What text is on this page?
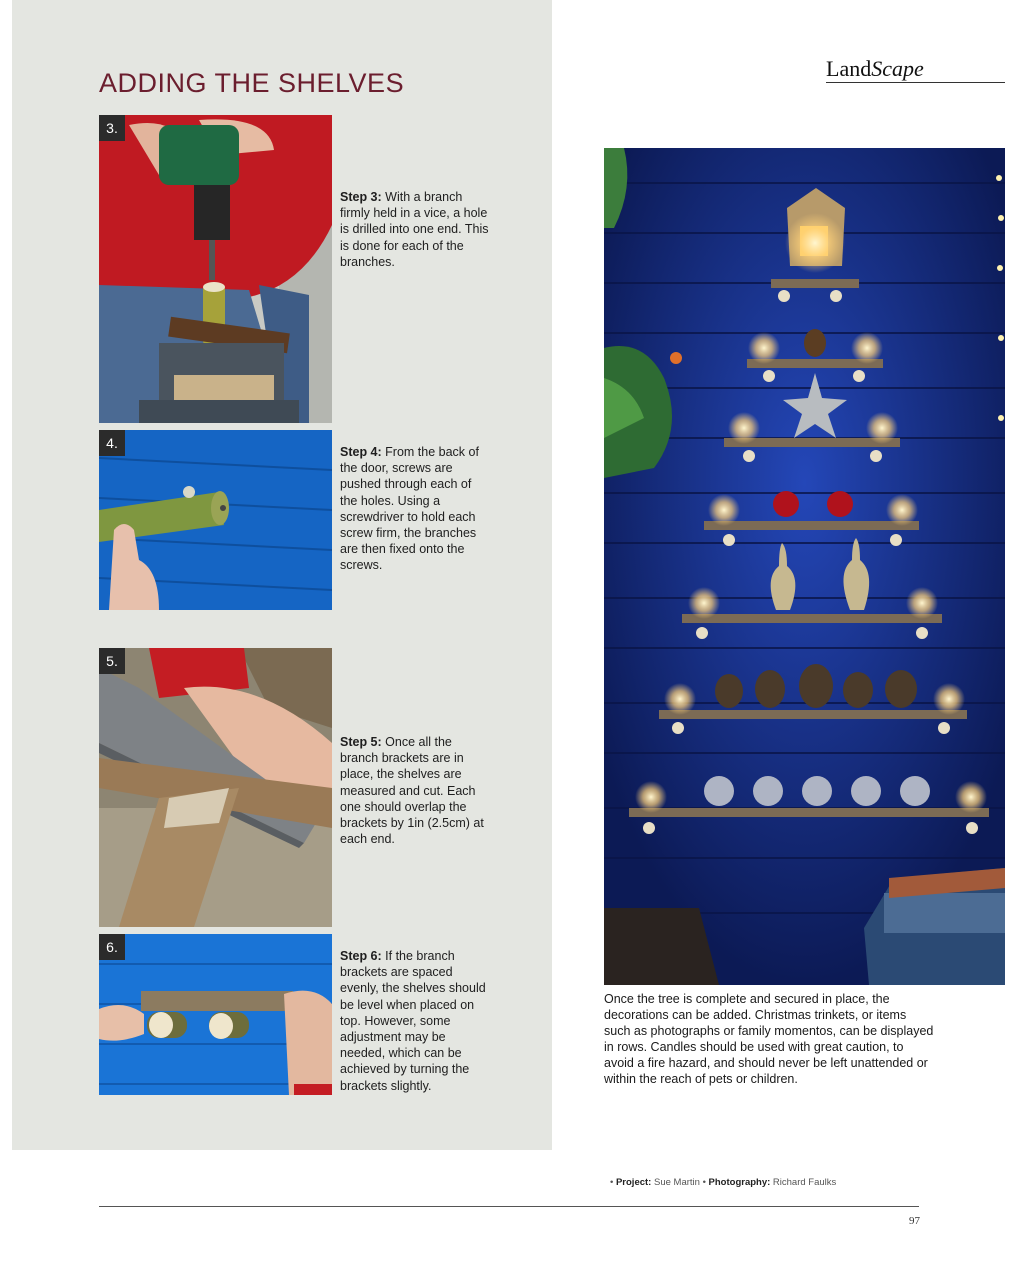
ADDING THE SHELVES
3.
Step 3: With a branch firmly held in a vice, a hole is drilled into one end. This is done for each of the branches.
4.
Step 4: From the back of the door, screws are pushed through each of the holes. Using a screwdriver to hold each screw firm, the branches are then fixed onto the screws.
5.
Step 5: Once all the branch brackets are in place, the shelves are measured and cut. Each one should overlap the brackets by 1in (2.5cm) at each end.
6.
Step 6: If the branch brackets are spaced evenly, the shelves should be level when placed on top. However, some adjustment may be needed, which can be achieved by turning the brackets slightly.
LandScape
Once the tree is complete and secured in place, the decorations can be added. Christmas trinkets, or items such as photographs or family momentos, can be displayed in rows. Candles should be used with great caution, to avoid a fire hazard, and should never be left unattended or within the reach of pets or children.
• Project: Sue Martin • Photography: Richard Faulks
97
